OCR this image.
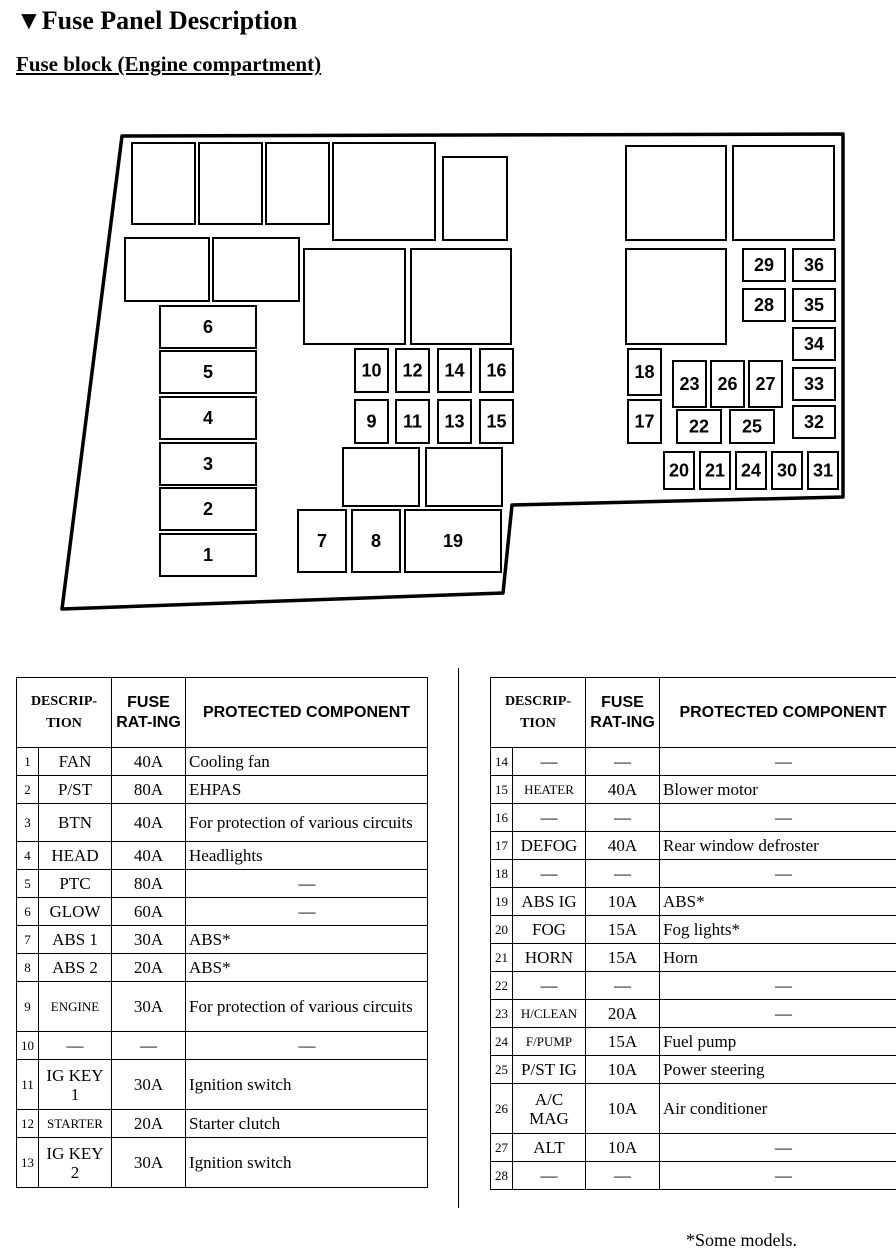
▼Fuse Panel Description
Fuse block (Engine compartment)
1
2
3
4
5
6
7 8
9
10
11
12
13
14
15
16
17
18
19
20 21
22
23
24
25
26 27
28
29
30 31
32
33
34
35
36
DESCRIP-TION		FUSE RAT-ING	PROTECTED COMPONENT
1	FAN	40A	Cooling fan
2	P/ST	80A	EHPAS
3	BTN	40A	For protection of various circuits
4	HEAD	40A	Headlights
5	PTC	80A	—
6	GLOW	60A	—
7	ABS 1	30A	ABS*
8	ABS 2	20A	ABS*
9	ENGINE	30A	For protection of various circuits
10	—	—	—
11	IG KEY 1	30A	Ignition switch
12	STARTER	20A	Starter clutch
13	IG KEY 2	30A	Ignition switch
DESCRIP-TION		FUSE RAT-ING	PROTECTED COMPONENT
14	—	—	—
15	HEATER	40A	Blower motor
16	—	—	—
17	DEFOG	40A	Rear window defroster
18	—	—	—
19	ABS IG	10A	ABS*
20	FOG	15A	Fog lights*
21	HORN	15A	Horn
22	—	—	—
23	H/CLEAN	20A	—
24	F/PUMP	15A	Fuel pump
25	P/ST IG	10A	Power steering
26	A/C MAG	10A	Air conditioner
27	ALT	10A	—
28	—	—	—
*Some models.
